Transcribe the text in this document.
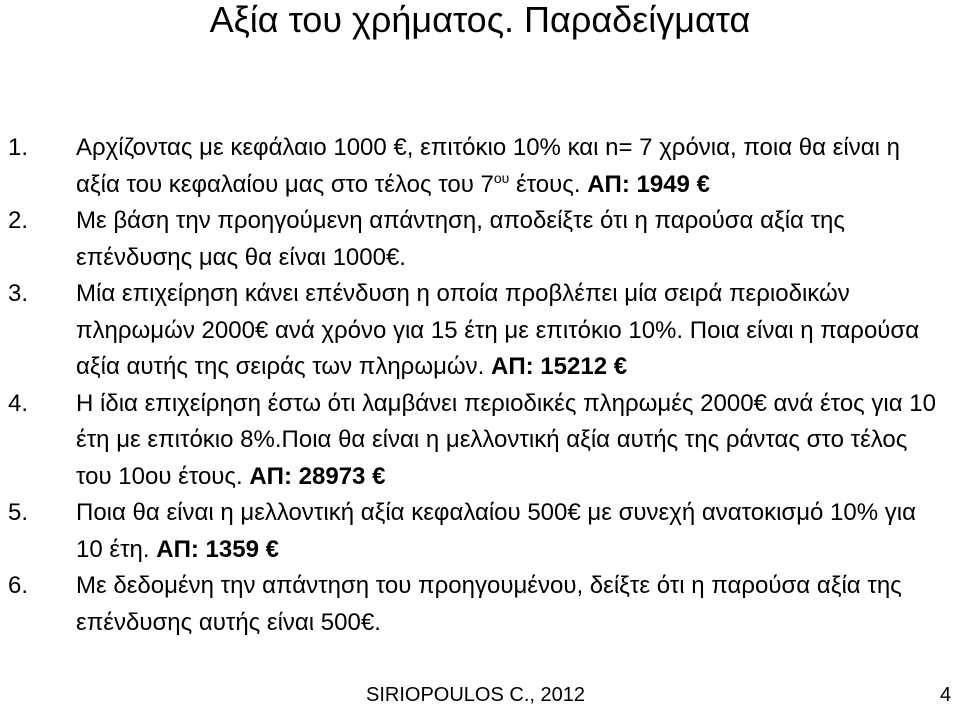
Αξία του χρήματος. Παραδείγματα
1. Αρχίζοντας με κεφάλαιο 1000 €, επιτόκιο 10% και n= 7 χρόνια, ποια θα είναι η αξία του κεφαλαίου μας στο τέλος του $7^{o\upsilon}$ έτους. ΑΠ: 1949 €
2. Με βάση την προηγούμενη απάντηση, αποδείξτε ότι η παρούσα αξία της επένδυσης μας θα είναι 1000€.
3. Μία επιχείρηση κάνει επένδυση η οποία προβλέπει μία σειρά περιοδικών πληρωμών 2000€ ανά χρόνο για 15 έτη με επιτόκιο 10%. Ποια είναι η παρούσα αξία αυτής της σειράς των πληρωμών. ΑΠ: 15212 €
4. Η ίδια επιχείρηση έστω ότι λαμβάνει περιοδικές πληρωμές 2000€ ανά έτος για 10 έτη με επιτόκιο 8%.Ποια θα είναι η μελλοντική αξία αυτής της ράντας στο τέλος του 10ου έτους. ΑΠ: 28973 €
5. Ποια θα είναι η μελλοντική αξία κεφαλαίου 500€ με συνεχή ανατοκισμό 10% για 10 έτη. ΑΠ: 1359 €
6. Με δεδομένη την απάντηση του προηγουμένου, δείξτε ότι η παρούσα αξία της επένδυσης αυτής είναι 500€.
SIRIOPOULOS C., 2012	4
